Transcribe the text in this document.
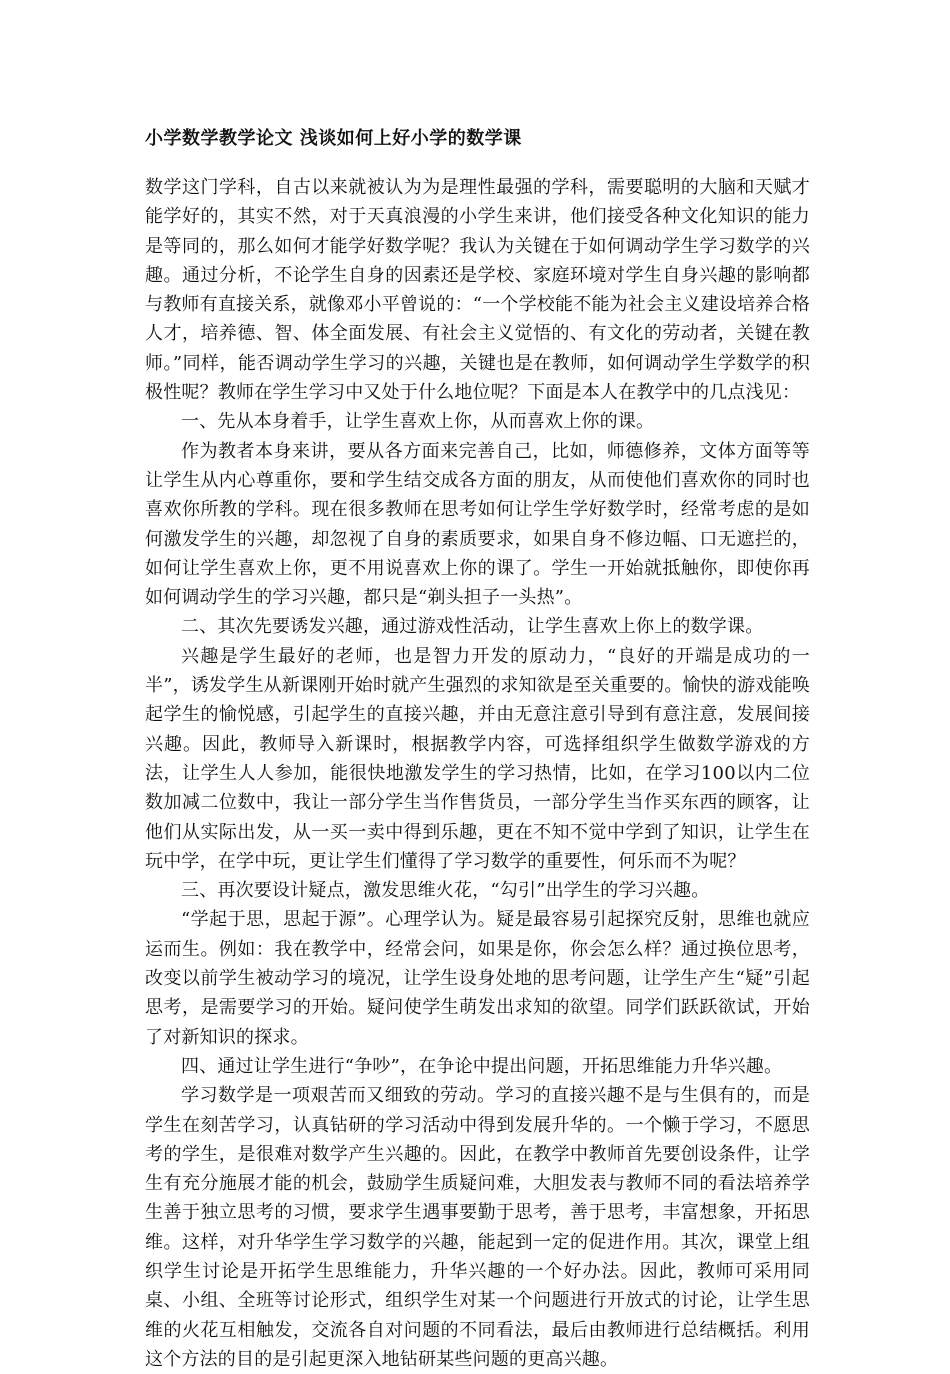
小学数学教学论文 浅谈如何上好小学的数学课

数学这门学科，自古以来就被认为为是理性最强的学科，需要聪明的大脑和天赋才能学好的，其实不然，对于天真浪漫的小学生来讲，他们接受各种文化知识的能力是等同的，那么如何才能学好数学呢？我认为关键在于如何调动学生学习数学的兴趣。通过分析，不论学生自身的因素还是学校、家庭环境对学生自身兴趣的影响都与教师有直接关系，就像邓小平曾说的：“一个学校能不能为社会主义建设培养合格人才，培养德、智、体全面发展、有社会主义觉悟的、有文化的劳动者，关键在教师。”同样，能否调动学生学习的兴趣，关键也是在教师，如何调动学生学数学的积极性呢？教师在学生学习中又处于什么地位呢？下面是本人在教学中的几点浅见：

一、先从本身着手，让学生喜欢上你，从而喜欢上你的课。

作为教者本身来讲，要从各方面来完善自己，比如，师德修养，文体方面等等让学生从内心尊重你，要和学生结交成各方面的朋友，从而使他们喜欢你的同时也喜欢你所教的学科。现在很多教师在思考如何让学生学好数学时，经常考虑的是如何激发学生的兴趣，却忽视了自身的素质要求，如果自身不修边幅、口无遮拦的，如何让学生喜欢上你，更不用说喜欢上你的课了。学生一开始就抵触你，即使你再如何调动学生的学习兴趣，都只是“剃头担子一头热”。

二、其次先要诱发兴趣，通过游戏性活动，让学生喜欢上你上的数学课。

兴趣是学生最好的老师，也是智力开发的原动力，“良好的开端是成功的一半”，诱发学生从新课刚开始时就产生强烈的求知欲是至关重要的。愉快的游戏能唤起学生的愉悦感，引起学生的直接兴趣，并由无意注意引导到有意注意，发展间接兴趣。因此，教师导入新课时，根据教学内容，可选择组织学生做数学游戏的方法，让学生人人参加，能很快地激发学生的学习热情，比如，在学习100以内二位数加减二位数中，我让一部分学生当作售货员，一部分学生当作买东西的顾客，让他们从实际出发，从一买一卖中得到乐趣，更在不知不觉中学到了知识，让学生在玩中学，在学中玩，更让学生们懂得了学习数学的重要性，何乐而不为呢？

三、再次要设计疑点，激发思维火花，“勾引”出学生的学习兴趣。

“学起于思，思起于源”。心理学认为。疑是最容易引起探究反射，思维也就应运而生。例如：我在教学中，经常会问，如果是你，你会怎么样？通过换位思考，改变以前学生被动学习的境况，让学生设身处地的思考问题，让学生产生“疑”引起思考，是需要学习的开始。疑问使学生萌发出求知的欲望。同学们跃跃欲试，开始了对新知识的探求。

四、通过让学生进行“争吵”，在争论中提出问题，开拓思维能力升华兴趣。

学习数学是一项艰苦而又细致的劳动。学习的直接兴趣不是与生俱有的，而是学生在刻苦学习，认真钻研的学习活动中得到发展升华的。一个懒于学习，不愿思考的学生，是很难对数学产生兴趣的。因此，在教学中教师首先要创设条件，让学生有充分施展才能的机会，鼓励学生质疑问难，大胆发表与教师不同的看法培养学生善于独立思考的习惯，要求学生遇事要勤于思考，善于思考，丰富想象，开拓思维。这样，对升华学生学习数学的兴趣，能起到一定的促进作用。其次，课堂上组织学生讨论是开拓学生思维能力，升华兴趣的一个好办法。因此，教师可采用同桌、小组、全班等讨论形式，组织学生对某一个问题进行开放式的讨论，让学生思维的火花互相触发，交流各自对问题的不同看法，最后由教师进行总结概括。利用这个方法的目的是引起更深入地钻研某些问题的更高兴趣。
